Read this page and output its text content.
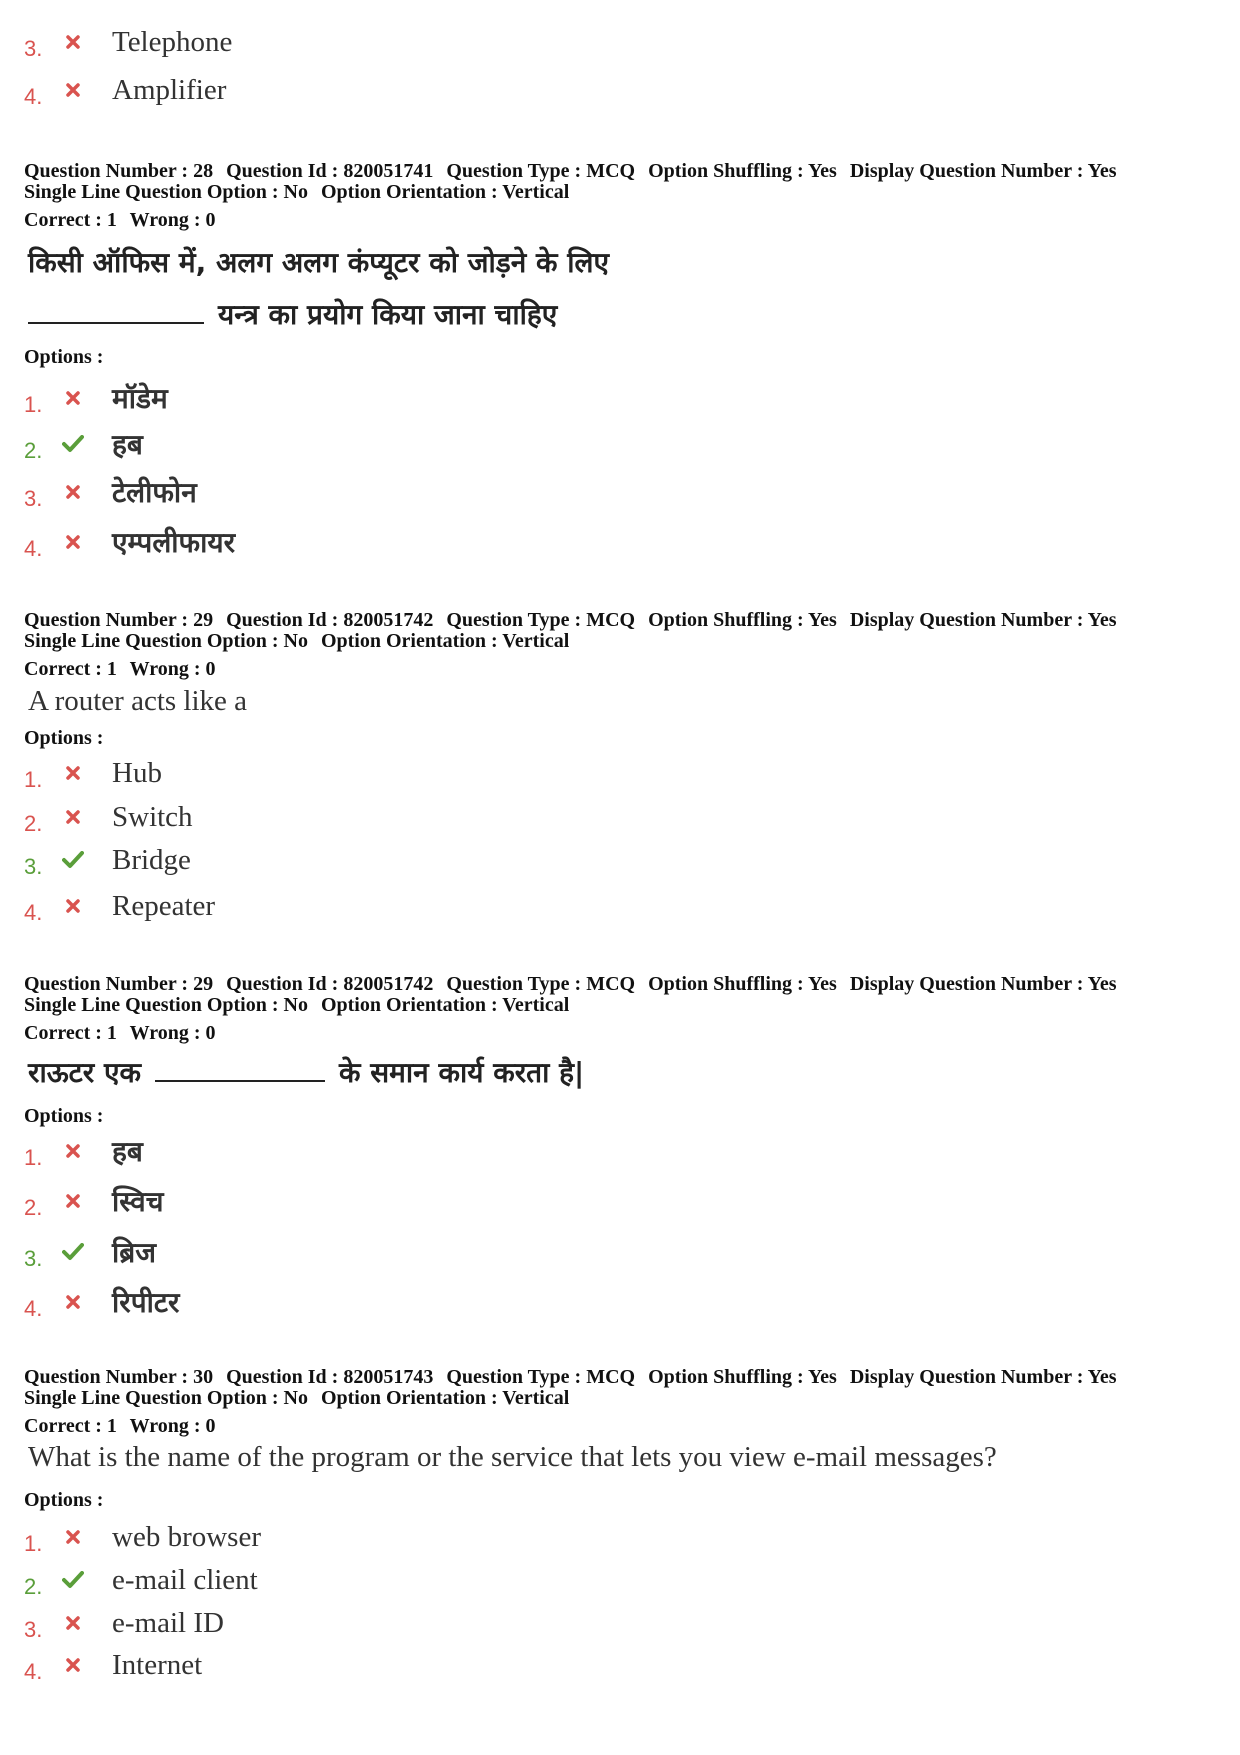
3. Telephone
4. Amplifier
Question Number : 28 Question Id : 820051741 Question Type : MCQ Option Shuffling : Yes Display Question Number : Yes
Single Line Question Option : No Option Orientation : Vertical
Correct : 1 Wrong : 0
किसी ऑफिस में, अलग अलग कंप्यूटर को जोड़ने के लिए
यन्त्र का प्रयोग किया जाना चाहिए
Options :
1. मॉडेम
2. हब
3. टेलीफोन
4. एम्पलीफायर
Question Number : 29 Question Id : 820051742 Question Type : MCQ Option Shuffling : Yes Display Question Number : Yes
Single Line Question Option : No Option Orientation : Vertical
Correct : 1 Wrong : 0
A router acts like a
Options :
1. Hub
2. Switch
3. Bridge
4. Repeater
Question Number : 29 Question Id : 820051742 Question Type : MCQ Option Shuffling : Yes Display Question Number : Yes
Single Line Question Option : No Option Orientation : Vertical
Correct : 1 Wrong : 0
राऊटर एक	के समान कार्य करता है|
Options :
1. हब
2. स्विच
3. ब्रिज
4. रिपीटर
Question Number : 30 Question Id : 820051743 Question Type : MCQ Option Shuffling : Yes Display Question Number : Yes
Single Line Question Option : No Option Orientation : Vertical
Correct : 1 Wrong : 0
What is the name of the program or the service that lets you view e-mail messages?
Options :
1. web browser
2. e-mail client
3. e-mail ID
4. Internet
